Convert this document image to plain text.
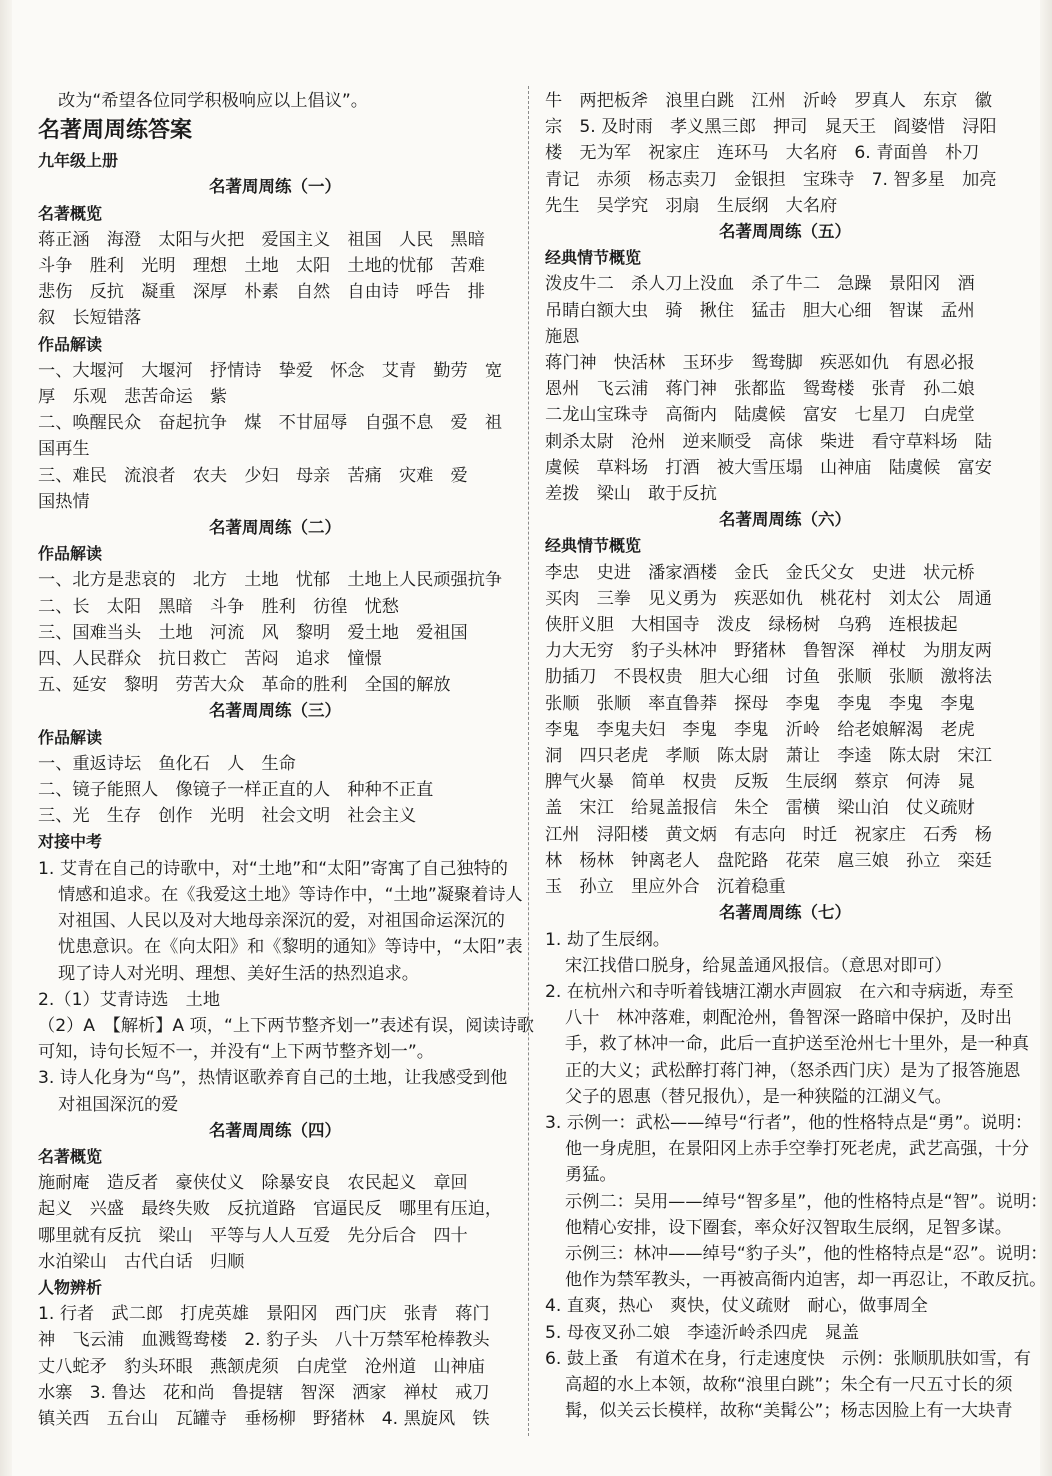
改为“希望各位同学积极响应以上倡议”。
名著周周练答案
九年级上册
名著周周练（一）
名著概览
蒋正涵　海澄　太阳与火把　爱国主义　祖国　人民　黑暗
斗争　胜利　光明　理想　土地　太阳　土地的忧郁　苦难
悲伤　反抗　凝重　深厚　朴素　自然　自由诗　呼告　排
叙　长短错落
作品解读
一、大堰河　大堰河　抒情诗　挚爱　怀念　艾青　勤劳　宽
厚　乐观　悲苦命运　紫
二、唤醒民众　奋起抗争　煤　不甘屈辱　自强不息　爱　祖
国再生
三、难民　流浪者　农夫　少妇　母亲　苦痛　灾难　爱
国热情
名著周周练（二）
作品解读
一、北方是悲哀的　北方　土地　忧郁　土地上人民顽强抗争
二、长　太阳　黑暗　斗争　胜利　彷徨　忧愁
三、国难当头　土地　河流　风　黎明　爱土地　爱祖国
四、人民群众　抗日救亡　苦闷　追求　憧憬
五、延安　黎明　劳苦大众　革命的胜利　全国的解放
名著周周练（三）
作品解读
一、重返诗坛　鱼化石　人　生命
二、镜子能照人　像镜子一样正直的人　种种不正直
三、光　生存　创作　光明　社会文明　社会主义
对接中考
1. 艾青在自己的诗歌中，对“土地”和“太阳”寄寓了自己独特的
情感和追求。在《我爱这土地》等诗作中，“土地”凝聚着诗人
对祖国、人民以及对大地母亲深沉的爱，对祖国命运深沉的
忧患意识。在《向太阳》和《黎明的通知》等诗中，“太阳”表
现了诗人对光明、理想、美好生活的热烈追求。
2.（1）艾青诗选　土地
（2）A　【解析】A 项，“上下两节整齐划一”表述有误，阅读诗歌
可知，诗句长短不一，并没有“上下两节整齐划一”。
3. 诗人化身为“鸟”，热情讴歌养育自己的土地，让我感受到他
对祖国深沉的爱
名著周周练（四）
名著概览
施耐庵　造反者　豪侠仗义　除暴安良　农民起义　章回
起义　兴盛　最终失败　反抗道路　官逼民反　哪里有压迫，
哪里就有反抗　梁山　平等与人人互爱　先分后合　四十
水泊梁山　古代白话　归顺
人物辨析
1. 行者　武二郎　打虎英雄　景阳冈　西门庆　张青　蒋门
神　飞云浦　血溅鸳鸯楼　2. 豹子头　八十万禁军枪棒教头
丈八蛇矛　豹头环眼　燕颔虎须　白虎堂　沧州道　山神庙
水寨　3. 鲁达　花和尚　鲁提辖　智深　洒家　禅杖　戒刀
镇关西　五台山　瓦罐寺　垂杨柳　野猪林　4. 黑旋风　铁
牛　两把板斧　浪里白跳　江州　沂岭　罗真人　东京　徽
宗　5. 及时雨　孝义黑三郎　押司　晁天王　阎婆惜　浔阳
楼　无为军　祝家庄　连环马　大名府　6. 青面兽　朴刀
青记　赤须　杨志卖刀　金银担　宝珠寺　7. 智多星　加亮
先生　吴学究　羽扇　生辰纲　大名府
名著周周练（五）
经典情节概览
泼皮牛二　杀人刀上没血　杀了牛二　急躁　景阳冈　酒
吊睛白额大虫　骑　揪住　猛击　胆大心细　智谋　孟州
施恩
蒋门神　快活林　玉环步　鸳鸯脚　疾恶如仇　有恩必报
恩州　飞云浦　蒋门神　张都监　鸳鸯楼　张青　孙二娘
二龙山宝珠寺　高衙内　陆虞候　富安　七星刀　白虎堂
刺杀太尉　沧州　逆来顺受　高俅　柴进　看守草料场　陆
虞候　草料场　打酒　被大雪压塌　山神庙　陆虞候　富安
差拨　梁山　敢于反抗
名著周周练（六）
经典情节概览
李忠　史进　潘家酒楼　金氏　金氏父女　史进　状元桥
买肉　三拳　见义勇为　疾恶如仇　桃花村　刘太公　周通
侠肝义胆　大相国寺　泼皮　绿杨树　乌鸦　连根拔起
力大无穷　豹子头林冲　野猪林　鲁智深　禅杖　为朋友两
肋插刀　不畏权贵　胆大心细　讨鱼　张顺　张顺　激将法
张顺　张顺　率直鲁莽　探母　李鬼　李鬼　李鬼　李鬼
李鬼　李鬼夫妇　李鬼　李鬼　沂岭　给老娘解渴　老虎
洞　四只老虎　孝顺　陈太尉　萧让　李逵　陈太尉　宋江
脾气火暴　简单　权贵　反叛　生辰纲　蔡京　何涛　晁
盖　宋江　给晁盖报信　朱仝　雷横　梁山泊　仗义疏财
江州　浔阳楼　黄文炳　有志向　时迁　祝家庄　石秀　杨
林　杨林　钟离老人　盘陀路　花荣　扈三娘　孙立　栾廷
玉　孙立　里应外合　沉着稳重
名著周周练（七）
1. 劫了生辰纲。
宋江找借口脱身，给晁盖通风报信。（意思对即可）
2. 在杭州六和寺听着钱塘江潮水声圆寂　在六和寺病逝，寿至
八十　林冲落难，刺配沧州，鲁智深一路暗中保护，及时出
手，救了林冲一命，此后一直护送至沧州七十里外，是一种真
正的大义；武松醉打蒋门神，（怒杀西门庆）是为了报答施恩
父子的恩惠（替兄报仇），是一种狭隘的江湖义气。
3. 示例一：武松——绰号“行者”，他的性格特点是“勇”。说明：
他一身虎胆，在景阳冈上赤手空拳打死老虎，武艺高强，十分
勇猛。
示例二：吴用——绰号“智多星”，他的性格特点是“智”。说明：
他精心安排，设下圈套，率众好汉智取生辰纲，足智多谋。
示例三：林冲——绰号“豹子头”，他的性格特点是“忍”。说明：
他作为禁军教头，一再被高衙内迫害，却一再忍让，不敢反抗。
4. 直爽，热心　爽快，仗义疏财　耐心，做事周全
5. 母夜叉孙二娘　李逵沂岭杀四虎　晁盖
6. 鼓上蚤　有道术在身，行走速度快　示例：张顺肌肤如雪，有
高超的水上本领，故称“浪里白跳”；朱仝有一尺五寸长的须
髯，似关云长模样，故称“美髯公”；杨志因脸上有一大块青
